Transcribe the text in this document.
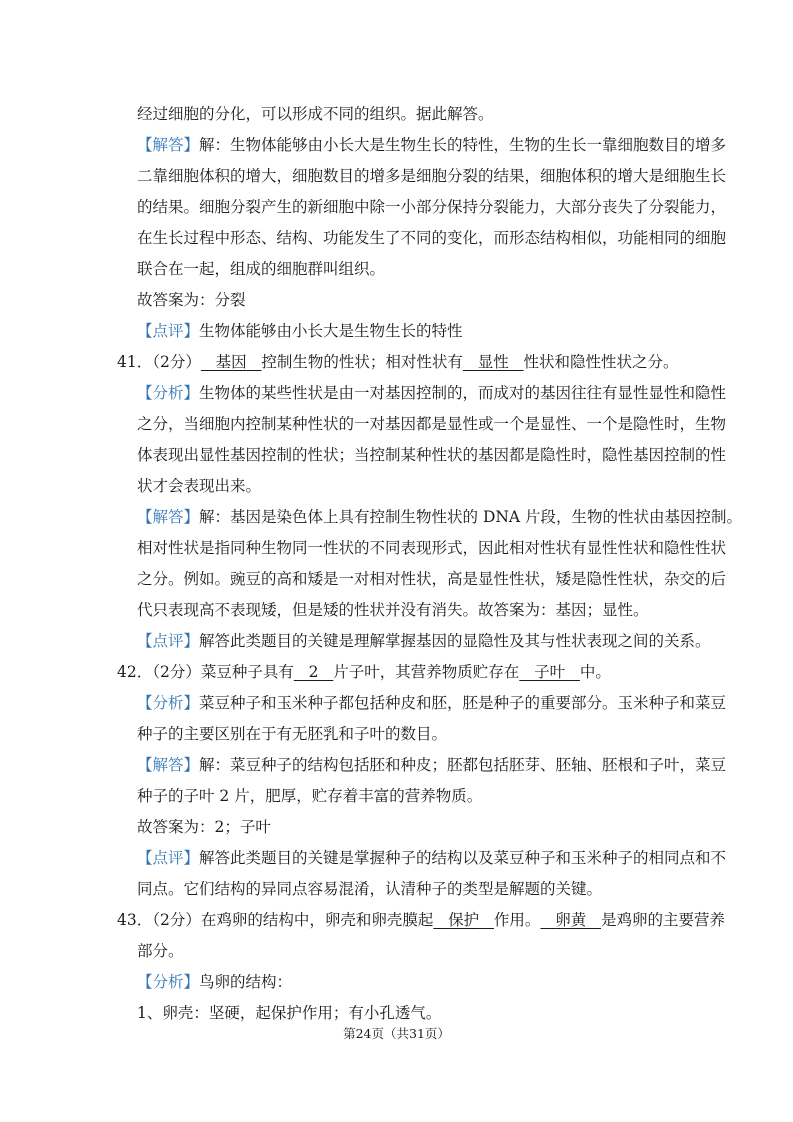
经过细胞的分化，可以形成不同的组织。据此解答。
【解答】解：生物体能够由小长大是生物生长的特性，生物的生长一靠细胞数目的增多
二靠细胞体积的增大，细胞数目的增多是细胞分裂的结果，细胞体积的增大是细胞生长
的结果。细胞分裂产生的新细胞中除一小部分保持分裂能力，大部分丧失了分裂能力，
在生长过程中形态、结构、功能发生了不同的变化，而形态结构相似，功能相同的细胞
联合在一起，组成的细胞群叫组织。
故答案为：分裂
【点评】生物体能够由小长大是生物生长的特性
41．（2分） 基因 控制生物的性状；相对性状有 显性 性状和隐性性状之分。
【分析】生物体的某些性状是由一对基因控制的，而成对的基因往往有显性显性和隐性
之分，当细胞内控制某种性状的一对基因都是显性或一个是显性、一个是隐性时，生物
体表现出显性基因控制的性状；当控制某种性状的基因都是隐性时，隐性基因控制的性
状才会表现出来。
【解答】解：基因是染色体上具有控制生物性状的 DNA 片段，生物的性状由基因控制。
相对性状是指同种生物同一性状的不同表现形式，因此相对性状有显性性状和隐性性状
之分。例如。豌豆的高和矮是一对相对性状，高是显性性状，矮是隐性性状，杂交的后
代只表现高不表现矮，但是矮的性状并没有消失。故答案为：基因；显性。
【点评】解答此类题目的关键是理解掌握基因的显隐性及其与性状表现之间的关系。
42．（2分）菜豆种子具有 2 片子叶，其营养物质贮存在 子叶 中。
【分析】菜豆种子和玉米种子都包括种皮和胚，胚是种子的重要部分。玉米种子和菜豆
种子的主要区别在于有无胚乳和子叶的数目。
【解答】解：菜豆种子的结构包括胚和种皮；胚都包括胚芽、胚轴、胚根和子叶，菜豆
种子的子叶 2 片，肥厚，贮存着丰富的营养物质。
故答案为：2；子叶
【点评】解答此类题目的关键是掌握种子的结构以及菜豆种子和玉米种子的相同点和不
同点。它们结构的异同点容易混淆，认清种子的类型是解题的关键。
43．（2分）在鸡卵的结构中，卵壳和卵壳膜起 保护 作用。 卵黄 是鸡卵的主要营养
部分。
【分析】鸟卵的结构：
1、卵壳：坚硬，起保护作用；有小孔透气。
第24页（共31页）
